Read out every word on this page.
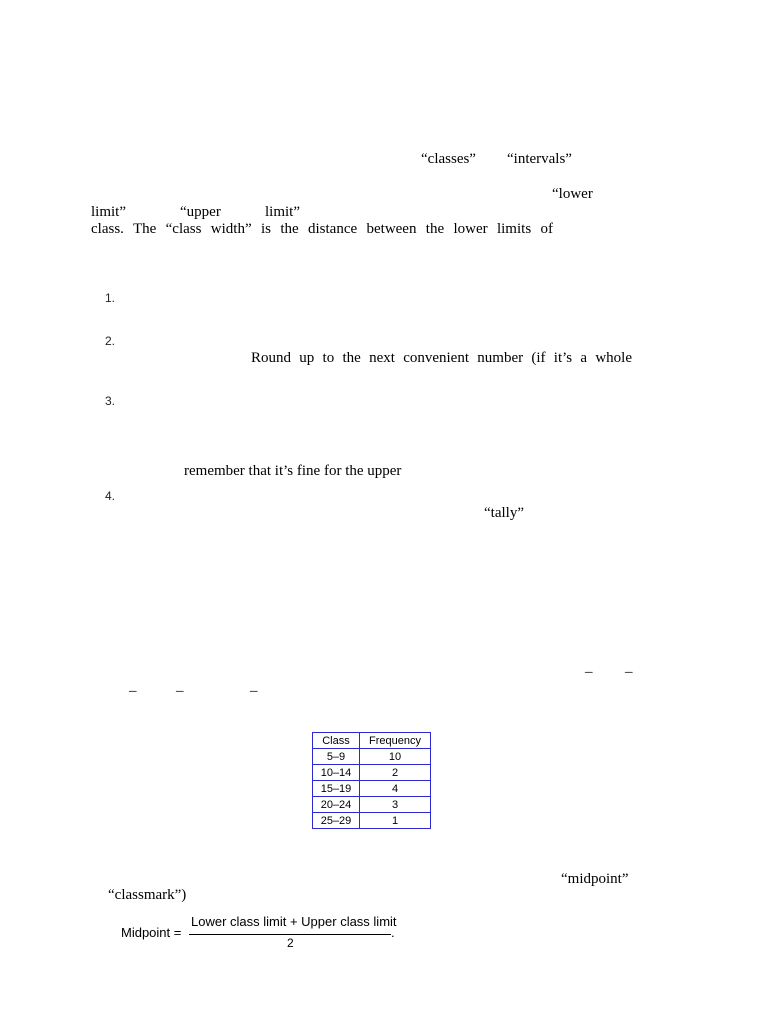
“classes” “intervals”
“lower
limit”	“upper	limit”
class. The “class width” is the distance between the lower limits of
1.
2.
Round up to the next convenient number (if it’s a whole
3.
remember that it’s fine for the upper
4.
“tally”
– –
–	–	–
Class	Frequency
5–9	10
10–14	2
15–19	4
20–24	3
25–29	1
“midpoint”
“classmark”)
Midpoint =
Lower class limit + Upper class limit
2
.
